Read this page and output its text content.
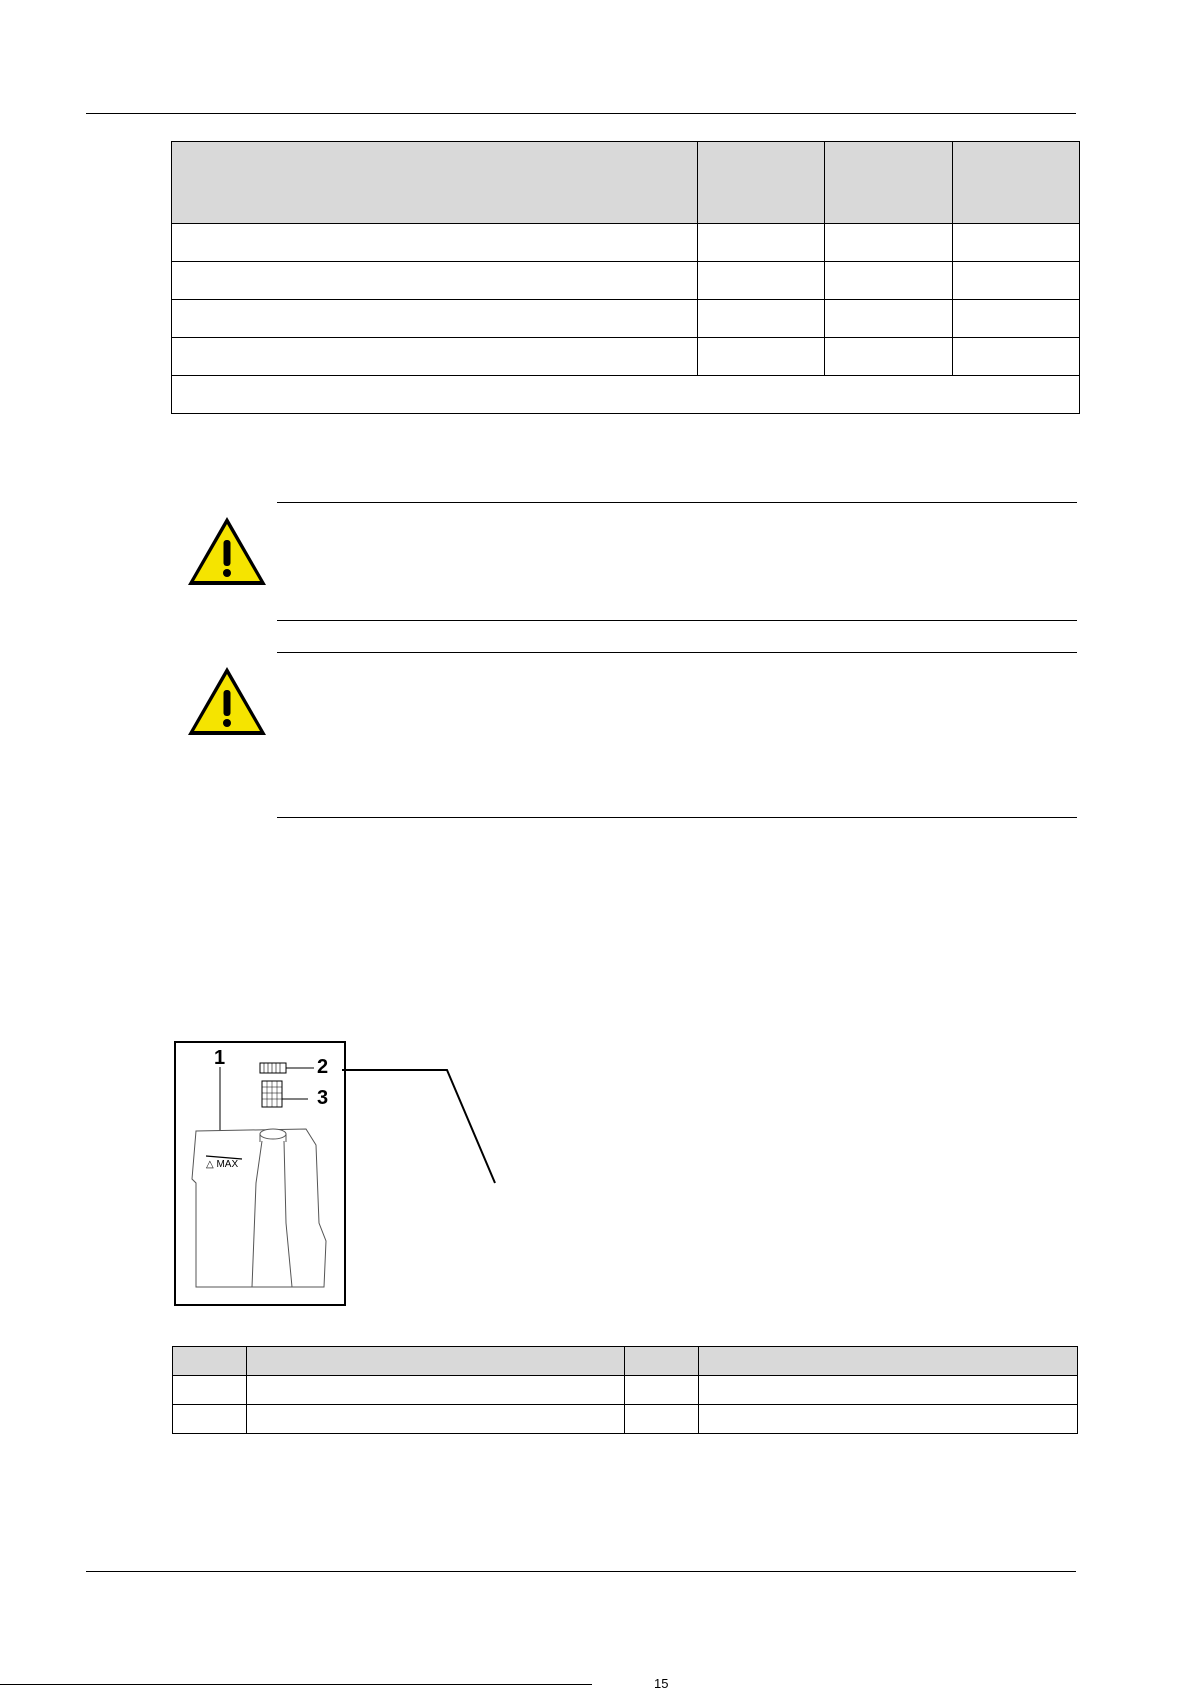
1	2
3
△ MAX

15
